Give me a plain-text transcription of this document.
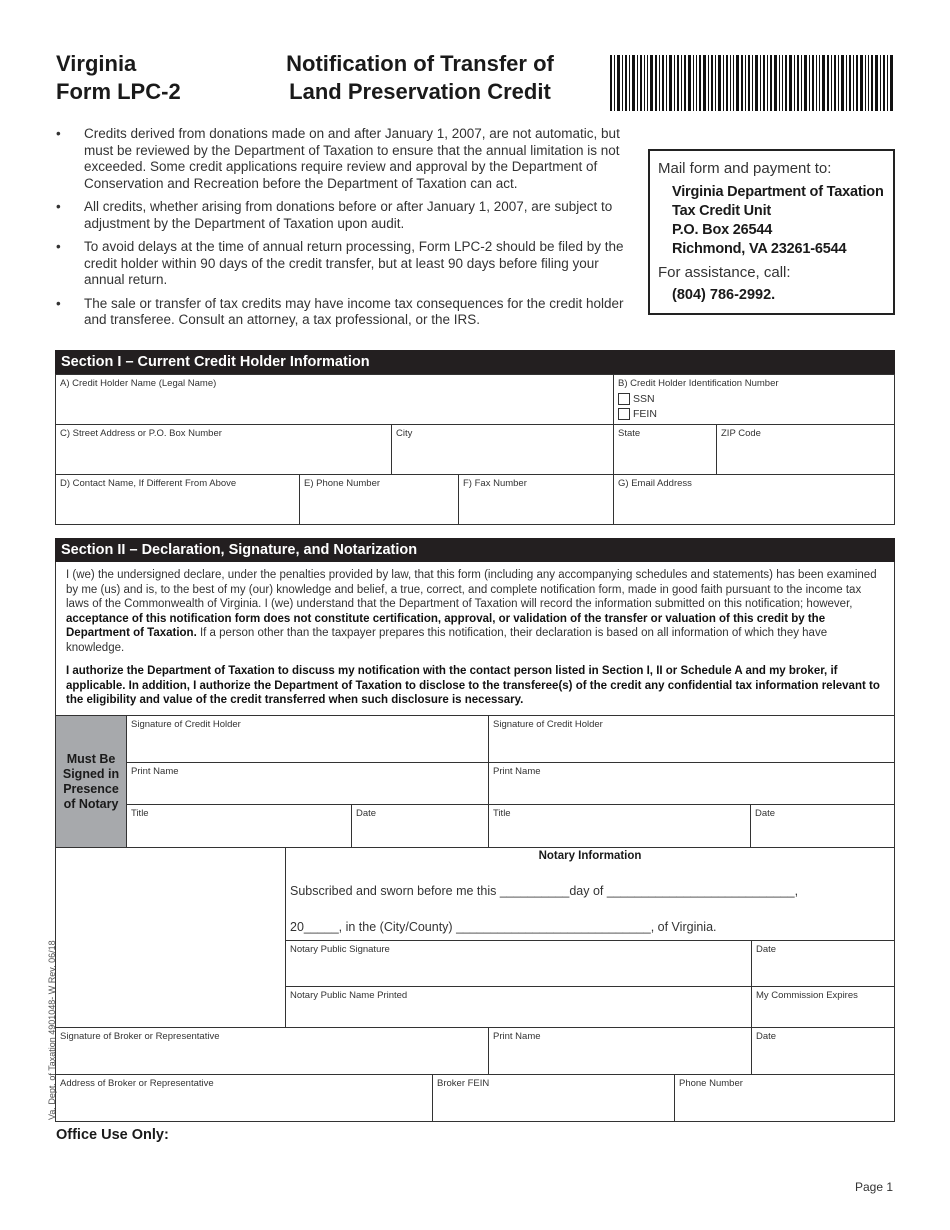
Virginia
Form LPC-2
Notification of Transfer of
Land Preservation Credit
• Credits derived from donations made on and after January 1, 2007, are not automatic, but must be reviewed by the Department of Taxation to ensure that the annual limitation is not exceeded. Some credit applications require review and approval by the Department of Conservation and Recreation before the Department of Taxation can act.
• All credits, whether arising from donations before or after January 1, 2007, are subject to adjustment by the Department of Taxation upon audit.
• To avoid delays at the time of annual return processing, Form LPC-2 should be filed by the credit holder within 90 days of the credit transfer, but at least 90 days before filing your annual return.
• The sale or transfer of tax credits may have income tax consequences for the credit holder and transferee. Consult an attorney, a tax professional, or the IRS.
Mail form and payment to:
Virginia Department of Taxation
Tax Credit Unit
P.O. Box 26544
Richmond, VA 23261-6544
For assistance, call:
(804) 786-2992.
Section I – Current Credit Holder Information
A) Credit Holder Name (Legal Name)	B) Credit Holder Identification Number
SSN
FEIN
C) Street Address or P.O. Box Number	City	State	ZIP Code
D) Contact Name, If Different From Above	E) Phone Number	F) Fax Number	G) Email Address
Section II – Declaration, Signature, and Notarization
I (we) the undersigned declare, under the penalties provided by law, that this form (including any accompanying schedules and statements) has been examined by me (us) and is, to the best of my (our) knowledge and belief, a true, correct, and complete notification form, made in good faith pursuant to the income tax laws of the Commonwealth of Virginia. I (we) understand that the Department of Taxation will record the information submitted on this notification; however, acceptance of this notification form does not constitute certification, approval, or validation of the transfer or valuation of this credit by the Department of Taxation. If a person other than the taxpayer prepares this notification, their declaration is based on all information of which they have knowledge.
I authorize the Department of Taxation to discuss my notification with the contact person listed in Section I, II or Schedule A and my broker, if applicable. In addition, I authorize the Department of Taxation to disclose to the transferee(s) of the credit any confidential tax information relevant to the eligibility and value of the credit transferred when such disclosure is necessary.
Must Be Signed in Presence of Notary
Signature of Credit Holder	Signature of Credit Holder
Print Name	Print Name
Title	Date	Title	Date
Notary Information
Subscribed and sworn before me this __________day of ___________________________,
20_____, in the (City/County) ____________________________, of Virginia.
Notary Public Signature	Date
Notary Public Name Printed	My Commission Expires
Signature of Broker or Representative	Print Name	Date
Address of Broker or Representative	Broker FEIN	Phone Number
Va. Dept. of Taxation 4901048- W Rev. 06/18
Office Use Only:
Page 1
